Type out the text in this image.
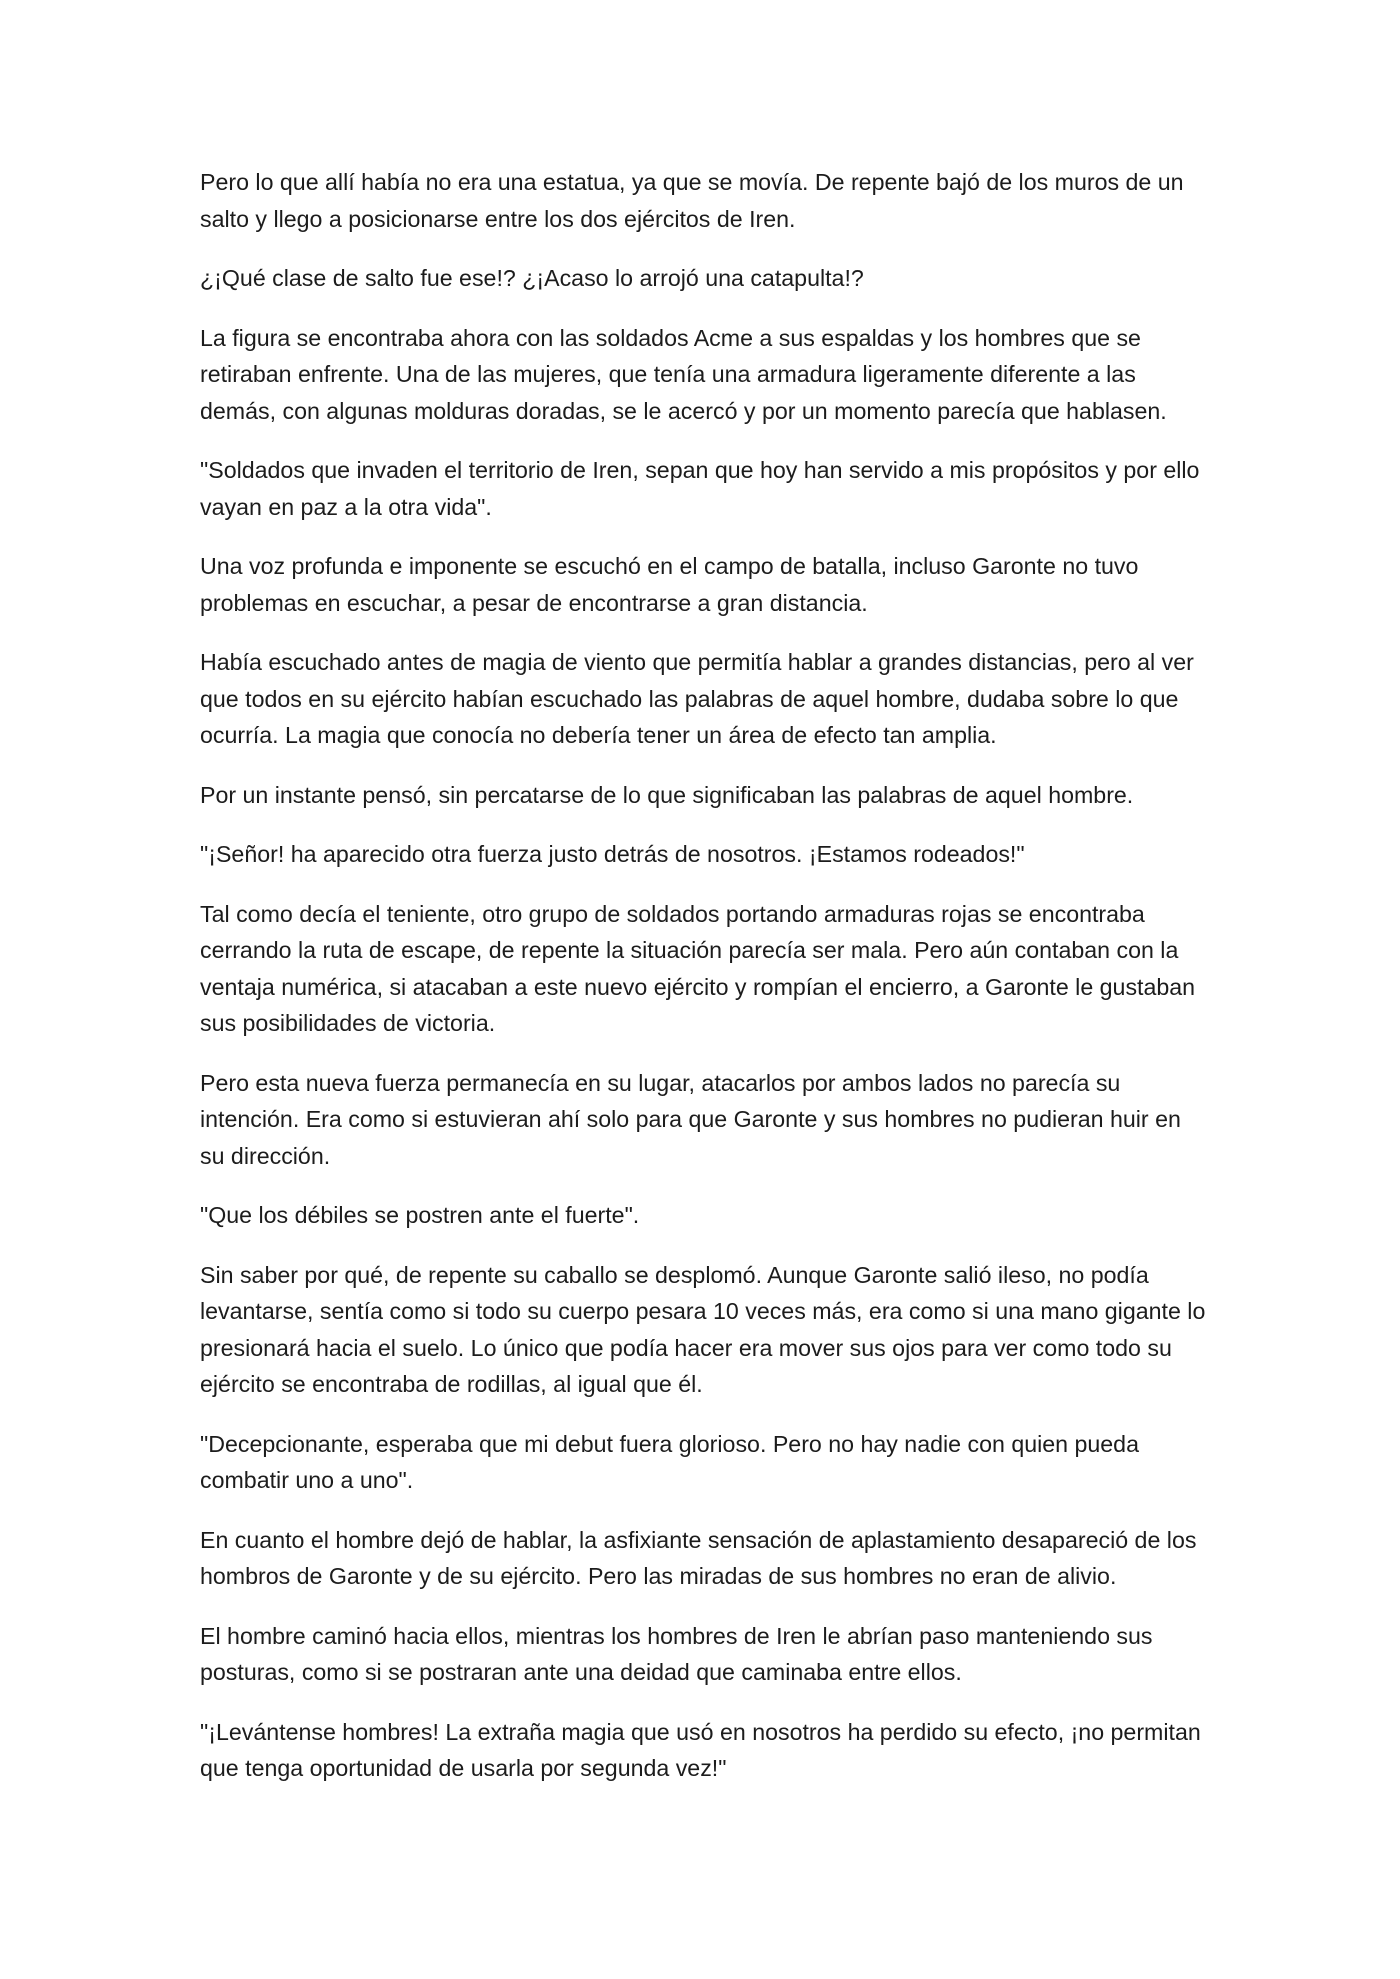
Pero lo que allí había no era una estatua, ya que se movía. De repente bajó de los muros de un salto y llego a posicionarse entre los dos ejércitos de Iren.

¿¡Qué clase de salto fue ese!? ¿¡Acaso lo arrojó una catapulta!?

La figura se encontraba ahora con las soldados Acme a sus espaldas y los hombres que se retiraban enfrente. Una de las mujeres, que tenía una armadura ligeramente diferente a las demás, con algunas molduras doradas, se le acercó y por un momento parecía que hablasen.

"Soldados que invaden el territorio de Iren, sepan que hoy han servido a mis propósitos y por ello vayan en paz a la otra vida".

Una voz profunda e imponente se escuchó en el campo de batalla, incluso Garonte no tuvo problemas en escuchar, a pesar de encontrarse a gran distancia.

Había escuchado antes de magia de viento que permitía hablar a grandes distancias, pero al ver que todos en su ejército habían escuchado las palabras de aquel hombre, dudaba sobre lo que ocurría. La magia que conocía no debería tener un área de efecto tan amplia.

Por un instante pensó, sin percatarse de lo que significaban las palabras de aquel hombre.

"¡Señor! ha aparecido otra fuerza justo detrás de nosotros. ¡Estamos rodeados!"

Tal como decía el teniente, otro grupo de soldados portando armaduras rojas se encontraba cerrando la ruta de escape, de repente la situación parecía ser mala. Pero aún contaban con la ventaja numérica, si atacaban a este nuevo ejército y rompían el encierro, a Garonte le gustaban sus posibilidades de victoria.

Pero esta nueva fuerza permanecía en su lugar, atacarlos por ambos lados no parecía su intención. Era como si estuvieran ahí solo para que Garonte y sus hombres no pudieran huir en su dirección.

"Que los débiles se postren ante el fuerte".

Sin saber por qué, de repente su caballo se desplomó. Aunque Garonte salió ileso, no podía levantarse, sentía como si todo su cuerpo pesara 10 veces más, era como si una mano gigante lo presionará hacia el suelo. Lo único que podía hacer era mover sus ojos para ver como todo su ejército se encontraba de rodillas, al igual que él.

"Decepcionante, esperaba que mi debut fuera glorioso. Pero no hay nadie con quien pueda combatir uno a uno".

En cuanto el hombre dejó de hablar, la asfixiante sensación de aplastamiento desapareció de los hombros de Garonte y de su ejército. Pero las miradas de sus hombres no eran de alivio.

El hombre caminó hacia ellos, mientras los hombres de Iren le abrían paso manteniendo sus posturas, como si se postraran ante una deidad que caminaba entre ellos.

"¡Levántense hombres! La extraña magia que usó en nosotros ha perdido su efecto, ¡no permitan que tenga oportunidad de usarla por segunda vez!"
